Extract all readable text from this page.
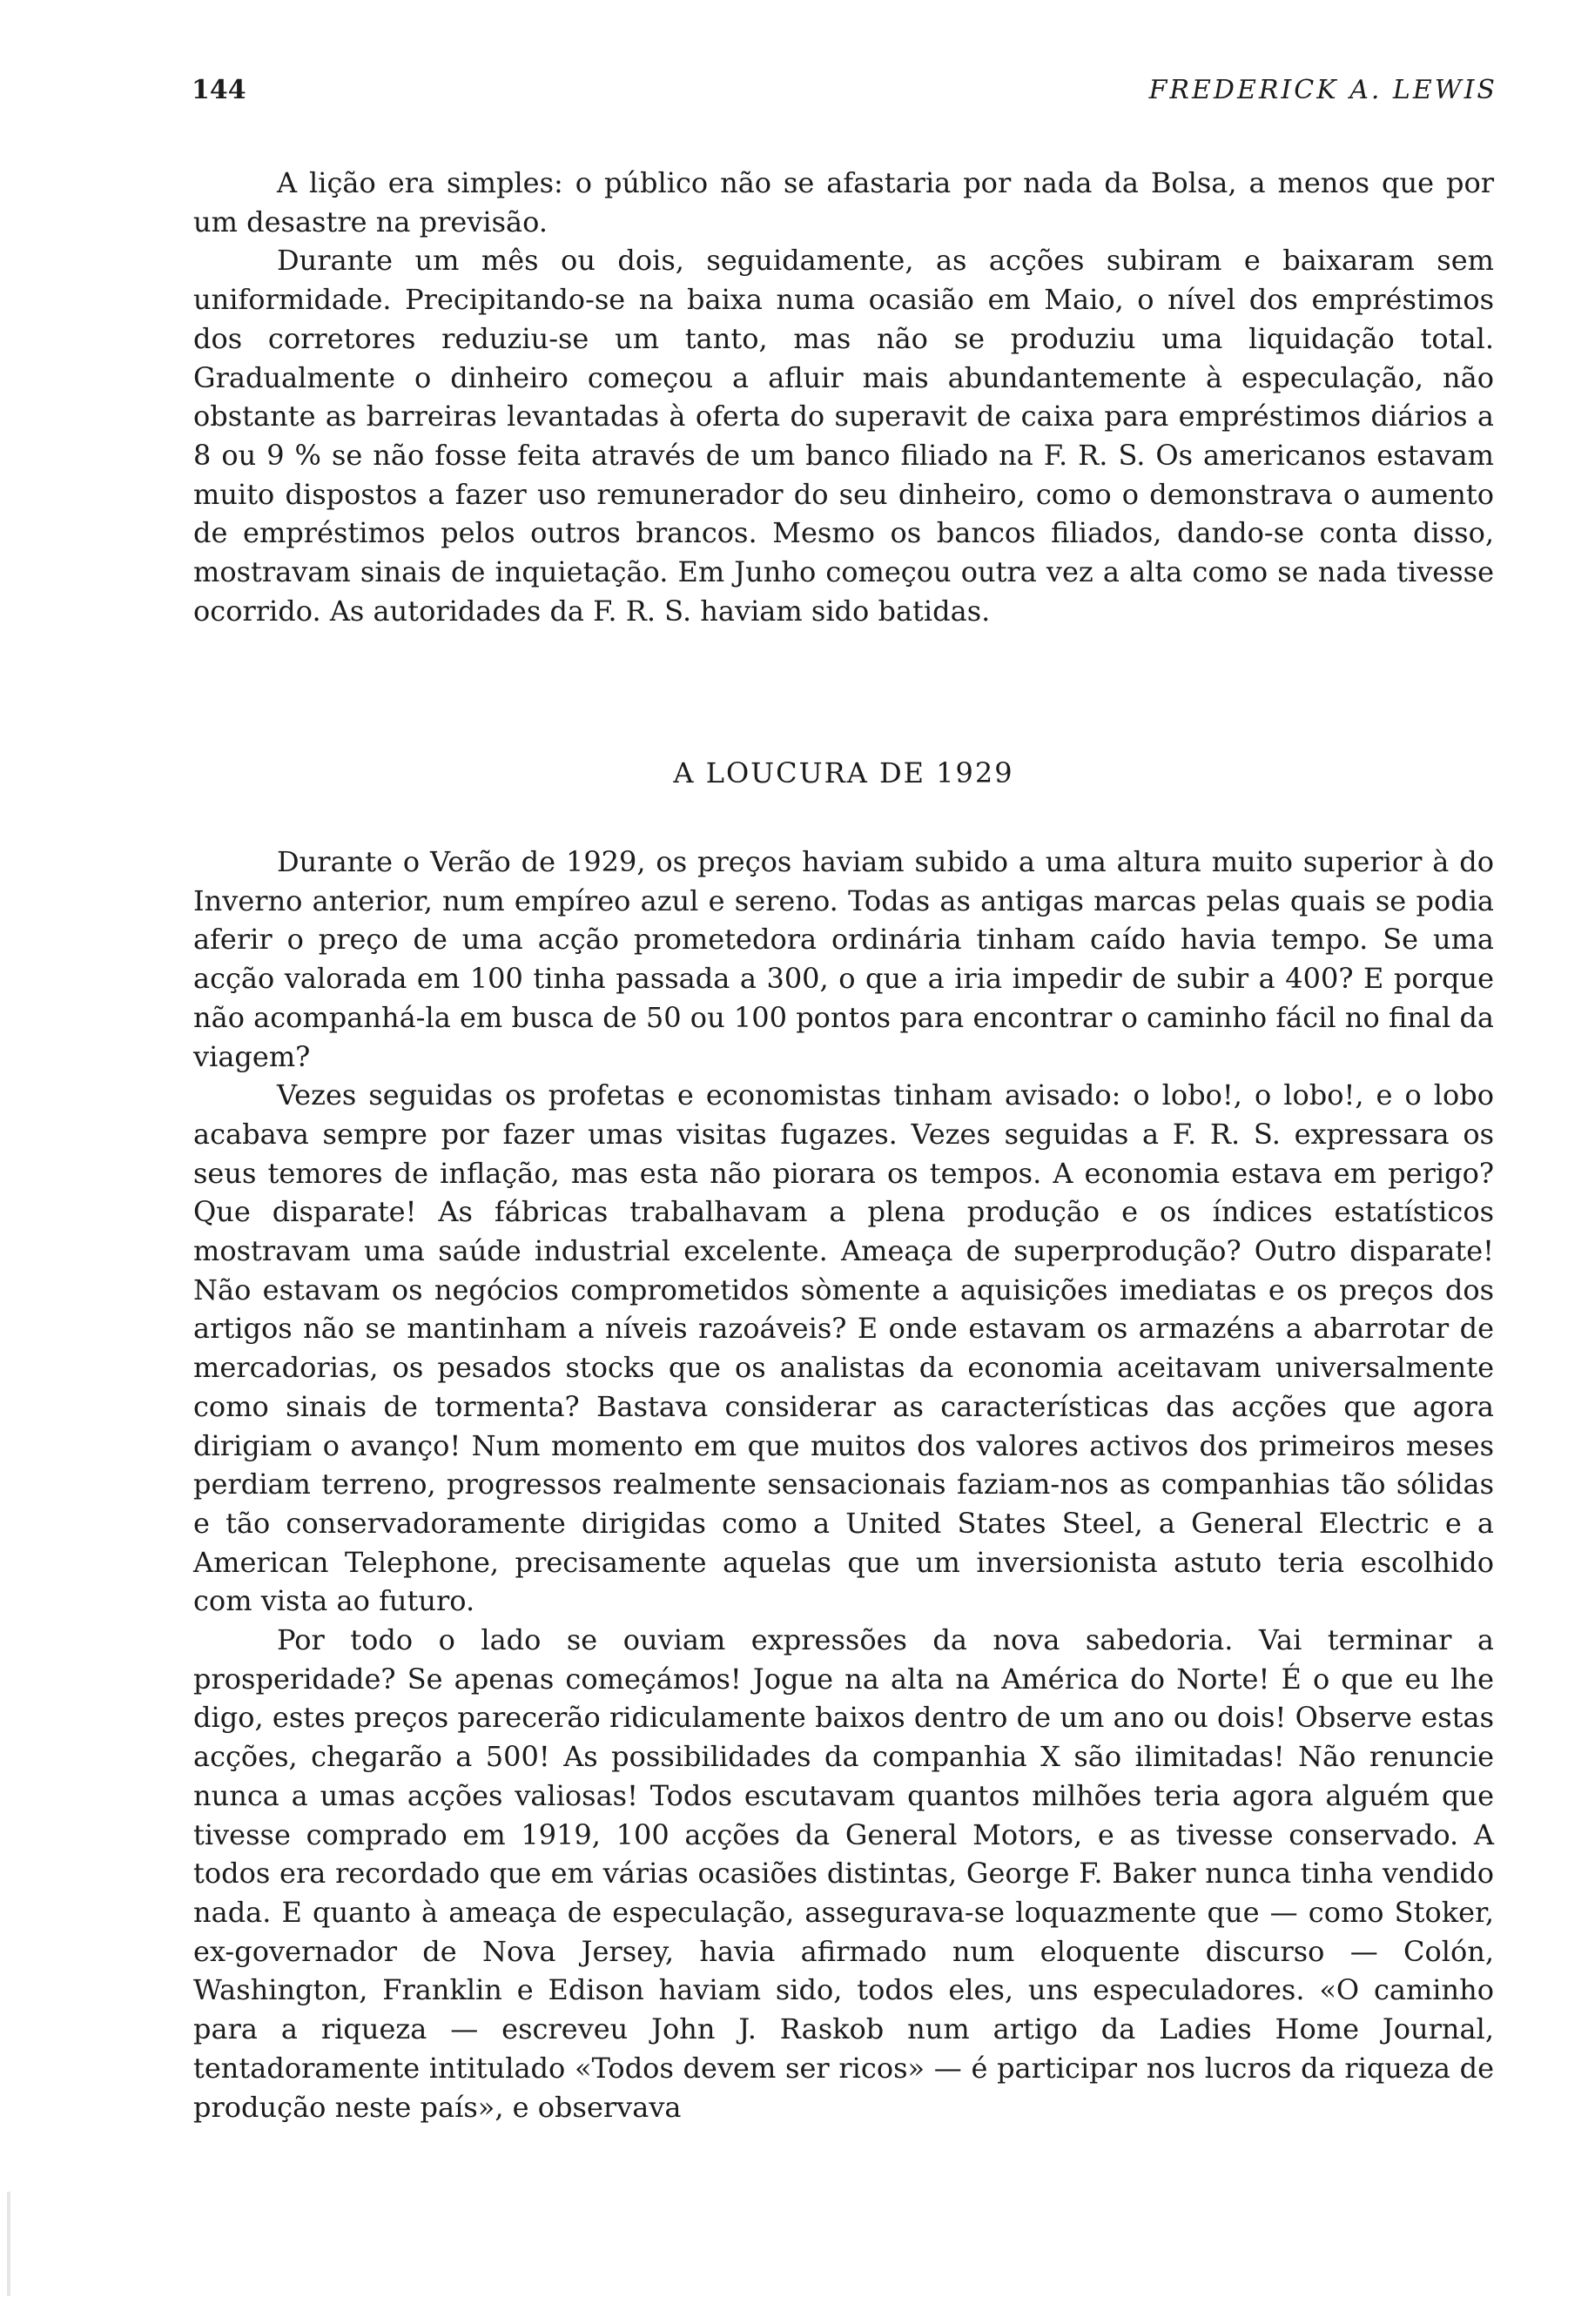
144	FREDERICK A. LEWIS

A lição era simples: o público não se afastaria por nada da Bolsa, a menos que por um desastre na previsão.

Durante um mês ou dois, seguidamente, as acções subiram e baixaram sem uniformidade. Precipitando-se na baixa numa ocasião em Maio, o nível dos empréstimos dos corretores reduziu-se um tanto, mas não se produziu uma liquidação total. Gradualmente o dinheiro começou a afluir mais abundantemente à especulação, não obstante as barreiras levantadas à oferta do superavit de caixa para empréstimos diários a 8 ou 9 % se não fosse feita através de um banco filiado na F. R. S. Os americanos estavam muito dispostos a fazer uso remunerador do seu dinheiro, como o demonstrava o aumento de empréstimos pelos outros brancos. Mesmo os bancos filiados, dando-se conta disso, mostravam sinais de inquietação. Em Junho começou outra vez a alta como se nada tivesse ocorrido. As autoridades da F. R. S. haviam sido batidas.

A LOUCURA DE 1929

Durante o Verão de 1929, os preços haviam subido a uma altura muito superior à do Inverno anterior, num empíreo azul e sereno. Todas as antigas marcas pelas quais se podia aferir o preço de uma acção prometedora ordinária tinham caído havia tempo. Se uma acção valorada em 100 tinha passada a 300, o que a iria impedir de subir a 400? E porque não acompanhá-la em busca de 50 ou 100 pontos para encontrar o caminho fácil no final da viagem?

Vezes seguidas os profetas e economistas tinham avisado: o lobo!, o lobo!, e o lobo acabava sempre por fazer umas visitas fugazes. Vezes seguidas a F. R. S. expressara os seus temores de inflação, mas esta não piorara os tempos. A economia estava em perigo? Que disparate! As fábricas trabalhavam a plena produção e os índices estatísticos mostravam uma saúde industrial excelente. Ameaça de superprodução? Outro disparate! Não estavam os negócios comprometidos sòmente a aquisições imediatas e os preços dos artigos não se mantinham a níveis razoáveis? E onde estavam os armazéns a abarrotar de mercadorias, os pesados stocks que os analistas da economia aceitavam universalmente como sinais de tormenta? Bastava considerar as características das acções que agora dirigiam o avanço! Num momento em que muitos dos valores activos dos primeiros meses perdiam terreno, progressos realmente sensacionais faziam-nos as companhias tão sólidas e tão conservadoramente dirigidas como a United States Steel, a General Electric e a American Telephone, precisamente aquelas que um inversionista astuto teria escolhido com vista ao futuro.

Por todo o lado se ouviam expressões da nova sabedoria. Vai terminar a prosperidade? Se apenas começámos! Jogue na alta na América do Norte! É o que eu lhe digo, estes preços parecerão ridiculamente baixos dentro de um ano ou dois! Observe estas acções, chegarão a 500! As possibilidades da companhia X são ilimitadas! Não renuncie nunca a umas acções valiosas! Todos escutavam quantos milhões teria agora alguém que tivesse comprado em 1919, 100 acções da General Motors, e as tivesse conservado. A todos era recordado que em várias ocasiões distintas, George F. Baker nunca tinha vendido nada. E quanto à ameaça de especulação, assegurava-se loquazmente que — como Stoker, ex-governador de Nova Jersey, havia afirmado num eloquente discurso — Colón, Washington, Franklin e Edison haviam sido, todos eles, uns especuladores. «O caminho para a riqueza — escreveu John J. Raskob num artigo da Ladies Home Journal, tentadoramente intitulado «Todos devem ser ricos» — é participar nos lucros da riqueza de produção neste país», e observava
